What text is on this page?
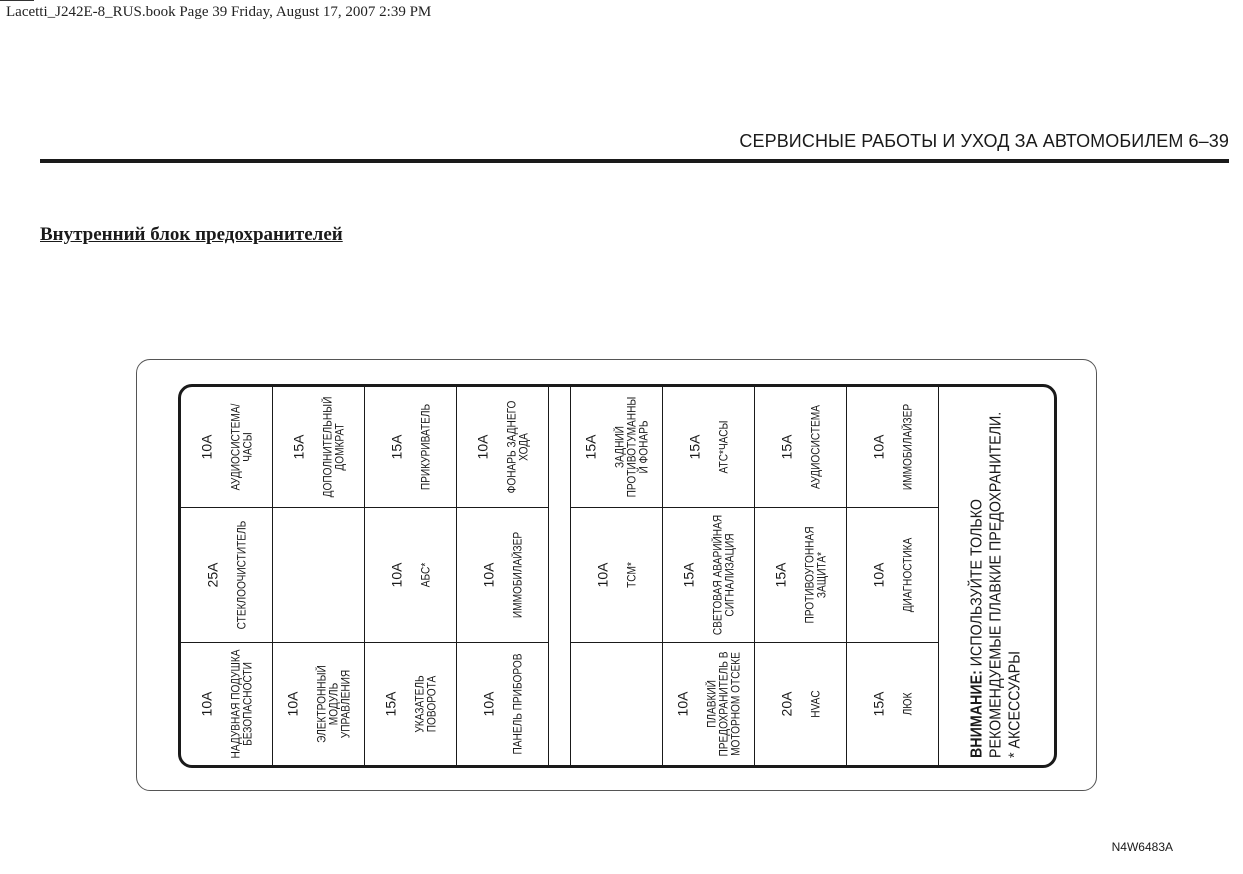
Lacetti_J242E-8_RUS.book Page 39 Friday, August 17, 2007 2:39 PM
СЕРВИСНЫЕ РАБОТЫ И УХОД ЗА АВТОМОБИЛЕМ 6–39
Внутренний блок предохранителей
ВНИМАНИЕ: ИСПОЛЬЗУЙТЕ ТОЛЬКО РЕКОМЕНДУЕМЫЕ ПЛАВКИЕ ПРЕДОХРАНИТЕЛИ. * АКСЕССУАРЫ
10A АУДИОСИСТЕМА/
ЧАСЫ
25A СТЕКЛООЧИСТИТЕЛЬ
10A НАДУВНАЯ ПОДУШКА
БЕЗОПАСНОСТИ
15A ДОПОЛНИТЕЛЬНЫЙ
ДОМКРАТ
10A ЭЛЕКТРОННЫЙ
МОДУЛЬ
УПРАВЛЕНИЯ
15A ПРИКУРИВАТЕЛЬ
10A АБС*
15A УКАЗАТЕЛЬ
ПОВОРОТА
10A
ФОНАРЬ ЗАДНЕГО
ХОДА
10A ИММОБИЛАЙЗЕР
10A ПАНЕЛЬ ПРИБОРОВ
15A ЗАДНИЙ
ПРОТИВОТУМАННЫ
Й ФОНАРЬ
10A TCM*
15A ATC*ЧАСЫ
15A
СВЕТОВАЯ АВАРИЙНАЯ
СИГНАЛИЗАЦИЯ
10A ПЛАВКИЙ
ПРЕДОХРАНИТЕЛЬ В
МОТОРНОМ ОТСЕКЕ
15A АУДИОСИСТЕМА
15A ПРОТИВОУГОННАЯ
ЗАЩИТА*
20A HVAC
10A ИММОБИЛАЙЗЕР
10A ДИАГНОСТИКА
15A ЛЮК
N4W6483A
